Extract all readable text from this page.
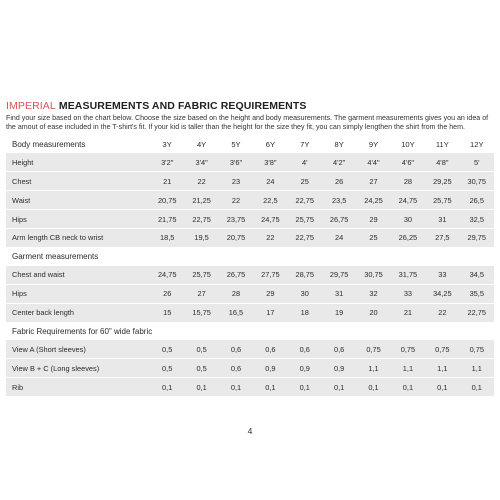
IMPERIAL MEASUREMENTS AND FABRIC REQUIREMENTS
Find your size based on the chart below. Choose the size based on the height and body measurements. The garment measurements gives you an idea of the amout of ease included in the T-shirt's fit. If your kid is taller than the height for the size they fit, you can simply lengthen the shirt from the hem.
Body measurements	3Y	4Y	5Y	6Y	7Y	8Y	9Y	10Y	11Y	12Y
Height	3'2"	3'4"	3'6"	3'8"	4'	4'2"	4'4"	4'6"	4'8"	5'
Chest	21	22	23	24	25	26	27	28	29,25	30,75
Waist	20,75	21,25	22	22,5	22,75	23,5	24,25	24,75	25,75	26,5
Hips	21,75	22,75	23,75	24,75	25,75	26,75	29	30	31	32,5
Arm length CB neck to wrist	18,5	19,5	20,75	22	22,75	24	25	26,25	27,5	29,75
Garment measurements										
Chest and waist	24,75	25,75	26,75	27,75	28,75	29,75	30,75	31,75	33	34,5
Hips	26	27	28	29	30	31	32	33	34,25	35,5
Center back length	15	15,75	16,5	17	18	19	20	21	22	22,75
Fabric Requirements for 60" wide fabric										
View A (Short sleeves)	0,5	0,5	0,6	0,6	0,6	0,6	0,75	0,75	0,75	0,75
View B + C (Long sleeves)	0,5	0,5	0,6	0,9	0,9	0,9	1,1	1,1	1,1	1,1
Rib	0,1	0,1	0,1	0,1	0,1	0,1	0,1	0,1	0,1	0,1
4
